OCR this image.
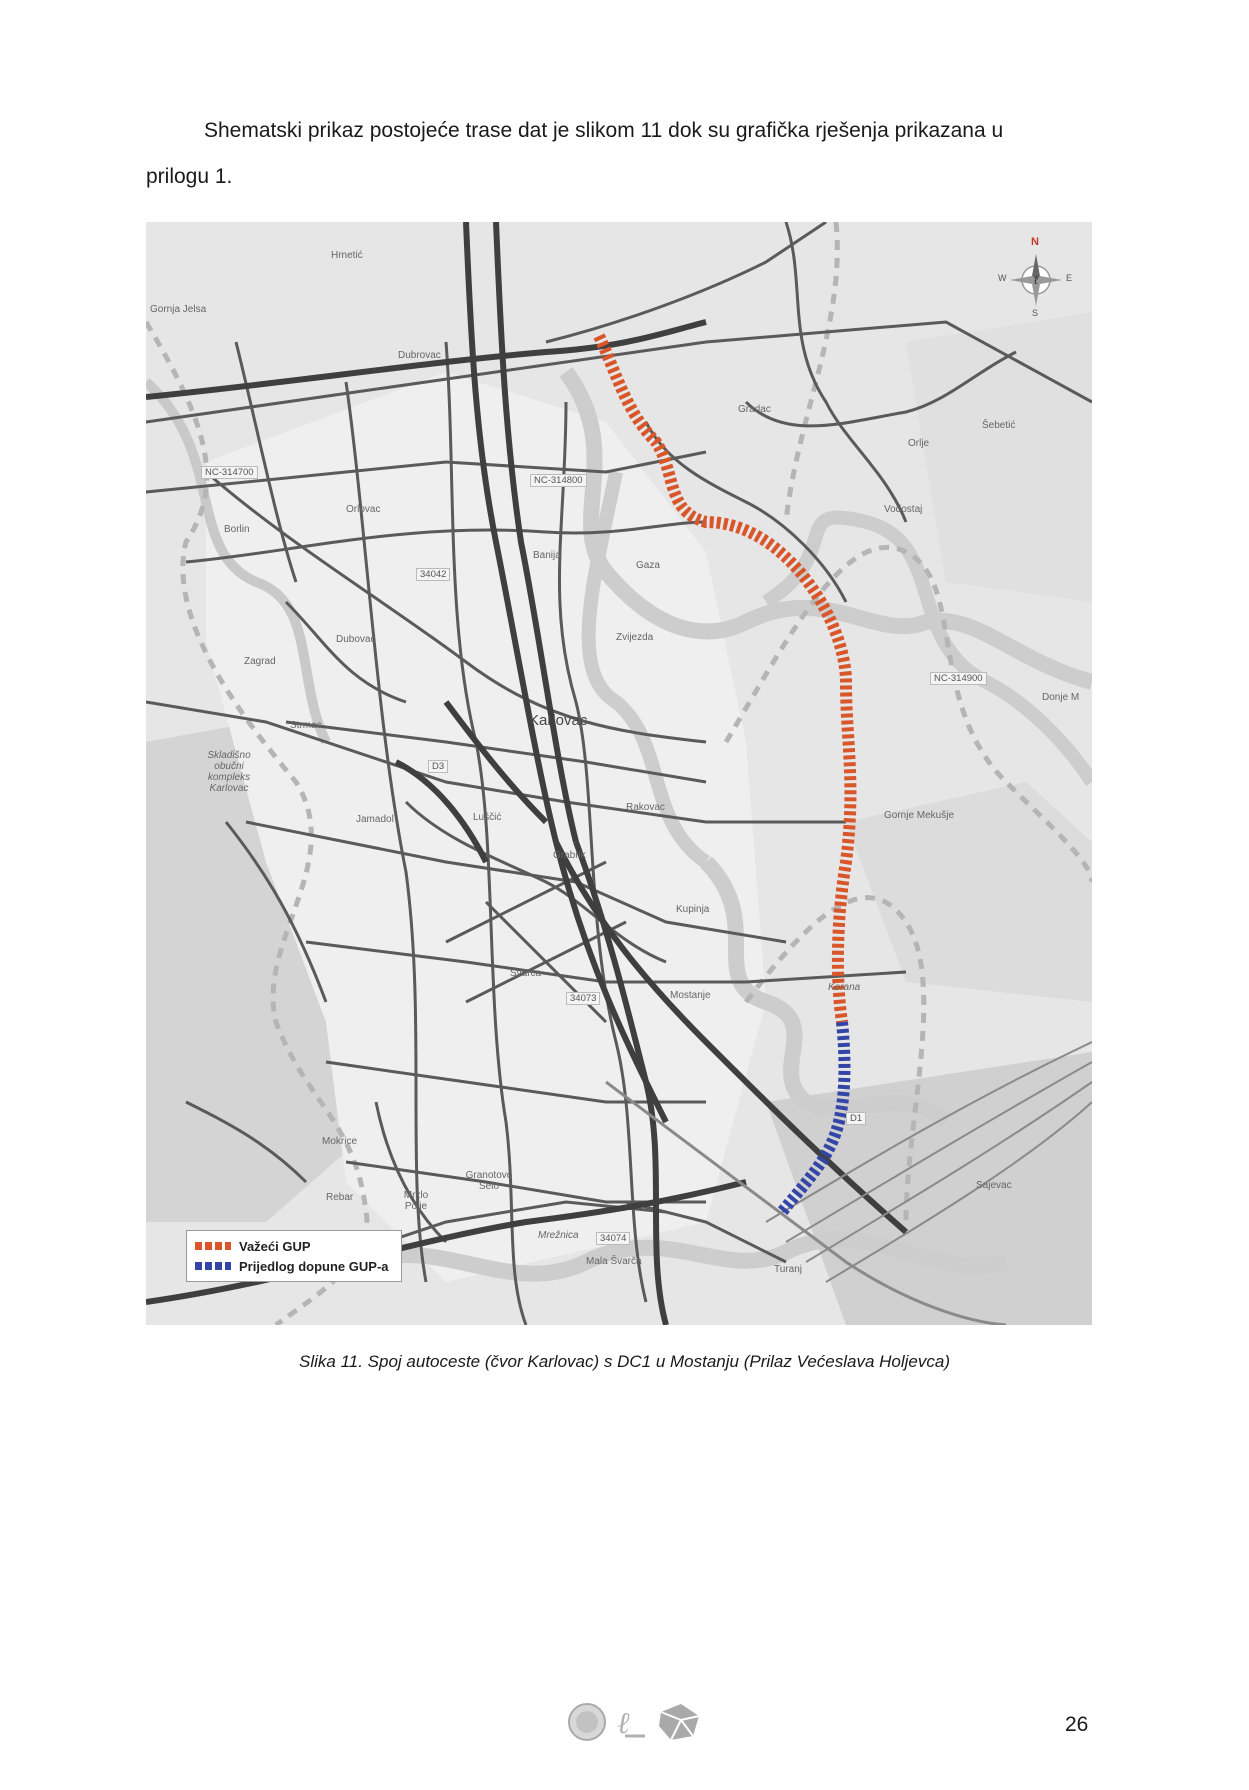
Shematski prikaz postojeće trase dat je slikom 11 dok su grafička rješenja prikazana u

prilogu 1.

Karlovac
Banija
Gaza
Zvijezda
Rakovac
Grabrik
Luščić
Jamadol
Strmac
Zagrad
Dubovac
Borlin
Orlovac
Hrnetić
Gradac
Orlje
Šebetić
Vodostaj
Donje M
Gornje Mekušje
Mostanje
Kupinja
Švarča
Mala Švarča
Granotovo Selo
Mrzlo Polje
Mokrice
Rebar
Turanj
Sajevac
Gornja Jelsa
Skladišno obučni kompleks Karlovac
Korana
Mrežnica
Dubrovac
NC-314700
NC-314800
NC-314900
34042
34073
34074
D1
D3
ℓ
N
E
S
W
Važeći GUP
Prijedlog dopune GUP-a
Slika 11. Spoj autoceste (čvor Karlovac) s DC1 u Mostanju (Prilaz Većeslava Holjevca)
ℓ	26
